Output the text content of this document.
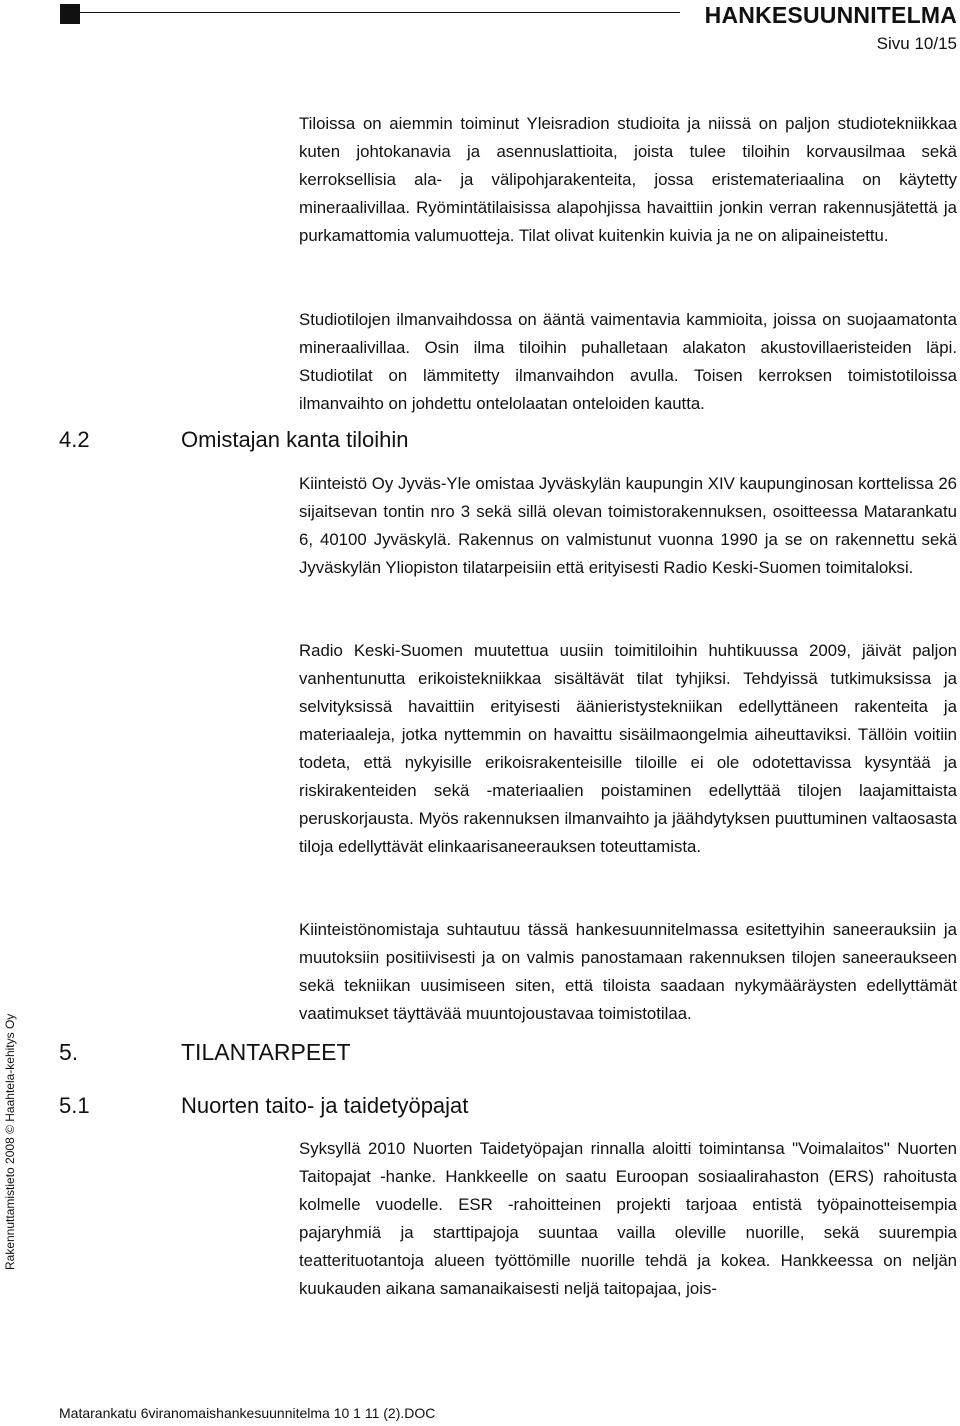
HANKESUUNNITELMA
Sivu 10/15

Tiloissa on aiemmin toiminut Yleisradion studioita ja niissä on paljon studiotekniikkaa kuten johtokanavia ja asennuslattioita, joista tulee tiloihin korvausilmaa sekä kerroksellisia ala- ja välipohjarakenteita, jossa eristemateriaalina on käytetty mineraalivillaa. Ryömintätilaisissa alapohjissa havaittiin jonkin verran rakennusjätettä ja purkamattomia valumuotteja. Tilat olivat kuitenkin kuivia ja ne on alipaineistettu.

Studiotilojen ilmanvaihdossa on ääntä vaimentavia kammioita, joissa on suojaamatonta mineraalivillaa. Osin ilma tiloihin puhalletaan alakaton akustovillaeristeiden läpi. Studiotilat on lämmitetty ilmanvaihdon avulla. Toisen kerroksen toimistotiloissa ilmanvaihto on johdettu ontelolaatan onteloiden kautta.

4.2	Omistajan kanta tiloihin

Kiinteistö Oy Jyväs-Yle omistaa Jyväskylän kaupungin XIV kaupunginosan korttelissa 26 sijaitsevan tontin nro 3 sekä sillä olevan toimistorakennuksen, osoitteessa Matarankatu 6, 40100 Jyväskylä. Rakennus on valmistunut vuonna 1990 ja se on rakennettu sekä Jyväskylän Yliopiston tilatarpeisiin että erityisesti Radio Keski-Suomen toimitaloksi.

Radio Keski-Suomen muutettua uusiin toimitiloihin huhtikuussa 2009, jäivät paljon vanhentunutta erikoistekniikkaa sisältävät tilat tyhjiksi. Tehdyissä tutkimuksissa ja selvityksissä havaittiin erityisesti äänieristystekniikan edellyttäneen rakenteita ja materiaaleja, jotka nyttemmin on havaittu sisäilmaongelmia aiheuttaviksi. Tällöin voitiin todeta, että nykyisille erikoisrakenteisille tiloille ei ole odotettavissa kysyntää ja riskirakenteiden sekä -materiaalien poistaminen edellyttää tilojen laajamittaista peruskorjausta. Myös rakennuksen ilmanvaihto ja jäähdytyksen puuttuminen valtaosasta tiloja edellyttävät elinkaarisaneerauksen toteuttamista.

Kiinteistönomistaja suhtautuu tässä hankesuunnitelmassa esitettyihin saneerauksiin ja muutoksiin positiivisesti ja on valmis panostamaan rakennuksen tilojen saneeraukseen sekä tekniikan uusimiseen siten, että tiloista saadaan nykymääräysten edellyttämät vaatimukset täyttävää muuntojoustavaa toimistotilaa.

5.	TILANTARPEET
5.1	Nuorten taito- ja taidetyöpajat

Syksyllä 2010 Nuorten Taidetyöpajan rinnalla aloitti toimintansa "Voimalaitos" Nuorten Taitopajat -hanke. Hankkeelle on saatu Euroopan sosiaalirahaston (ERS) rahoitusta kolmelle vuodelle. ESR -rahoitteinen projekti tarjoaa entistä työpainotteisempia pajaryhmiä ja starttipajoja suuntaa vailla oleville nuorille, sekä suurempia teatterituotantoja alueen työttömille nuorille tehdä ja kokea. Hankkeessa on neljän kuukauden aikana samanaikaisesti neljä taitopajaa, jois-

Rakennuttamistieto 2008 © Haahtela-kehitys Oy
Matarankatu 6viranomaishankesuunnitelma 10 1 11 (2).DOC
